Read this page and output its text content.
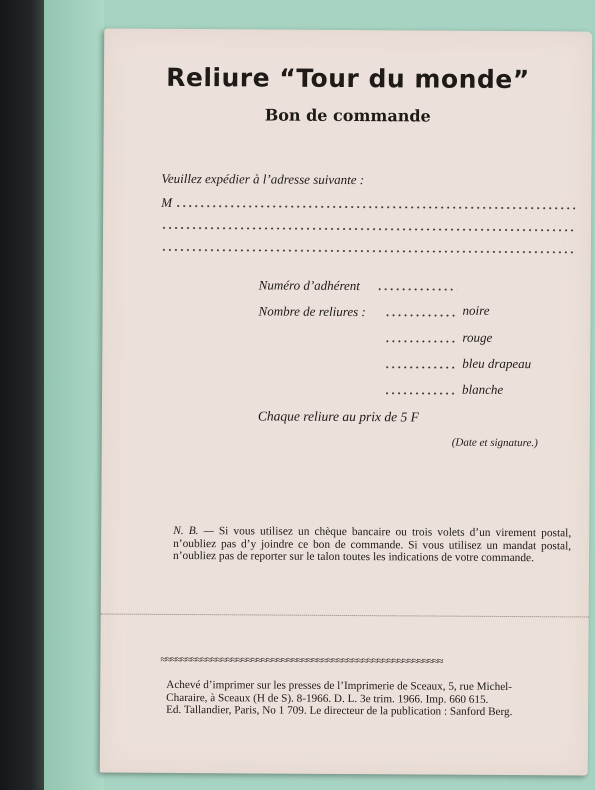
Reliure “Tour du monde”
Bon de commande
Veuillez expédier à l’adresse suivante :
M
Numéro d’adhérent
Nombre de reliures :	noire
rouge
bleu drapeau
blanche
Chaque reliure au prix de 5 F
(Date et signature.)
N. B. — Si vous utilisez un chèque bancaire ou trois volets d’un virement postal, n’oubliez pas d’y joindre ce bon de commande. Si vous utilisez un mandat postal, n’oubliez pas de reporter sur le talon toutes les indications de votre commande.
≈≈≈≈≈≈≈≈≈≈≈≈≈≈≈≈≈≈≈≈≈≈≈≈≈≈≈≈≈≈≈≈≈≈≈≈≈≈≈≈≈≈≈≈≈≈≈≈≈≈≈≈≈≈≈≈

Achevé d’imprimer sur les presses de l’Imprimerie de Sceaux, 5, rue Michel-

Charaire, à Sceaux (H de S). 8-1966. D. L. 3e trim. 1966. Imp. 660 615.

Ed. Tallandier, Paris, No 1 709. Le directeur de la publication : Sanford Berg.
